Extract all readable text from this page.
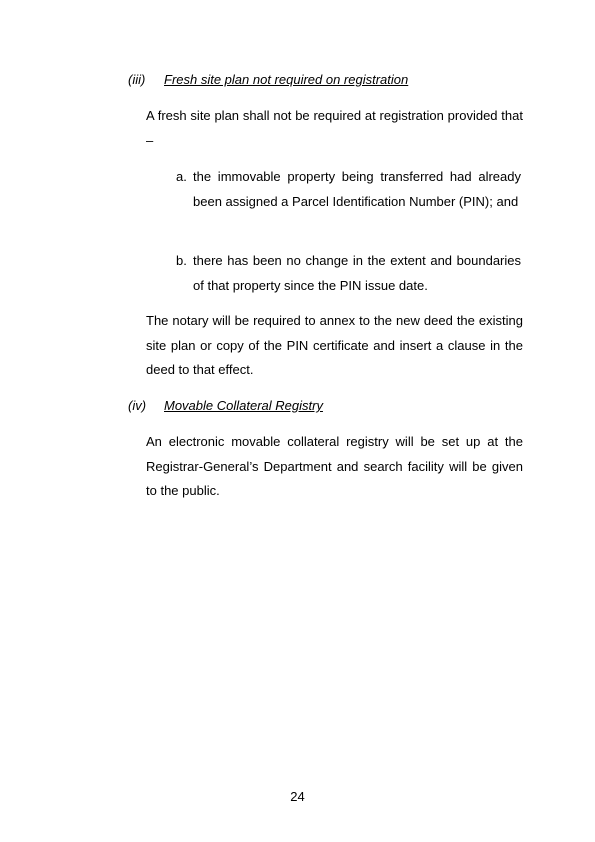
(iii) Fresh site plan not required on registration
A fresh site plan shall not be required at registration provided that –
a. the immovable property being transferred had already been assigned a Parcel Identification Number (PIN); and
b. there has been no change in the extent and boundaries of that property since the PIN issue date.
The notary will be required to annex to the new deed the existing site plan or copy of the PIN certificate and insert a clause in the deed to that effect.
(iv) Movable Collateral Registry
An electronic movable collateral registry will be set up at the Registrar-General’s Department and search facility will be given to the public.
24
